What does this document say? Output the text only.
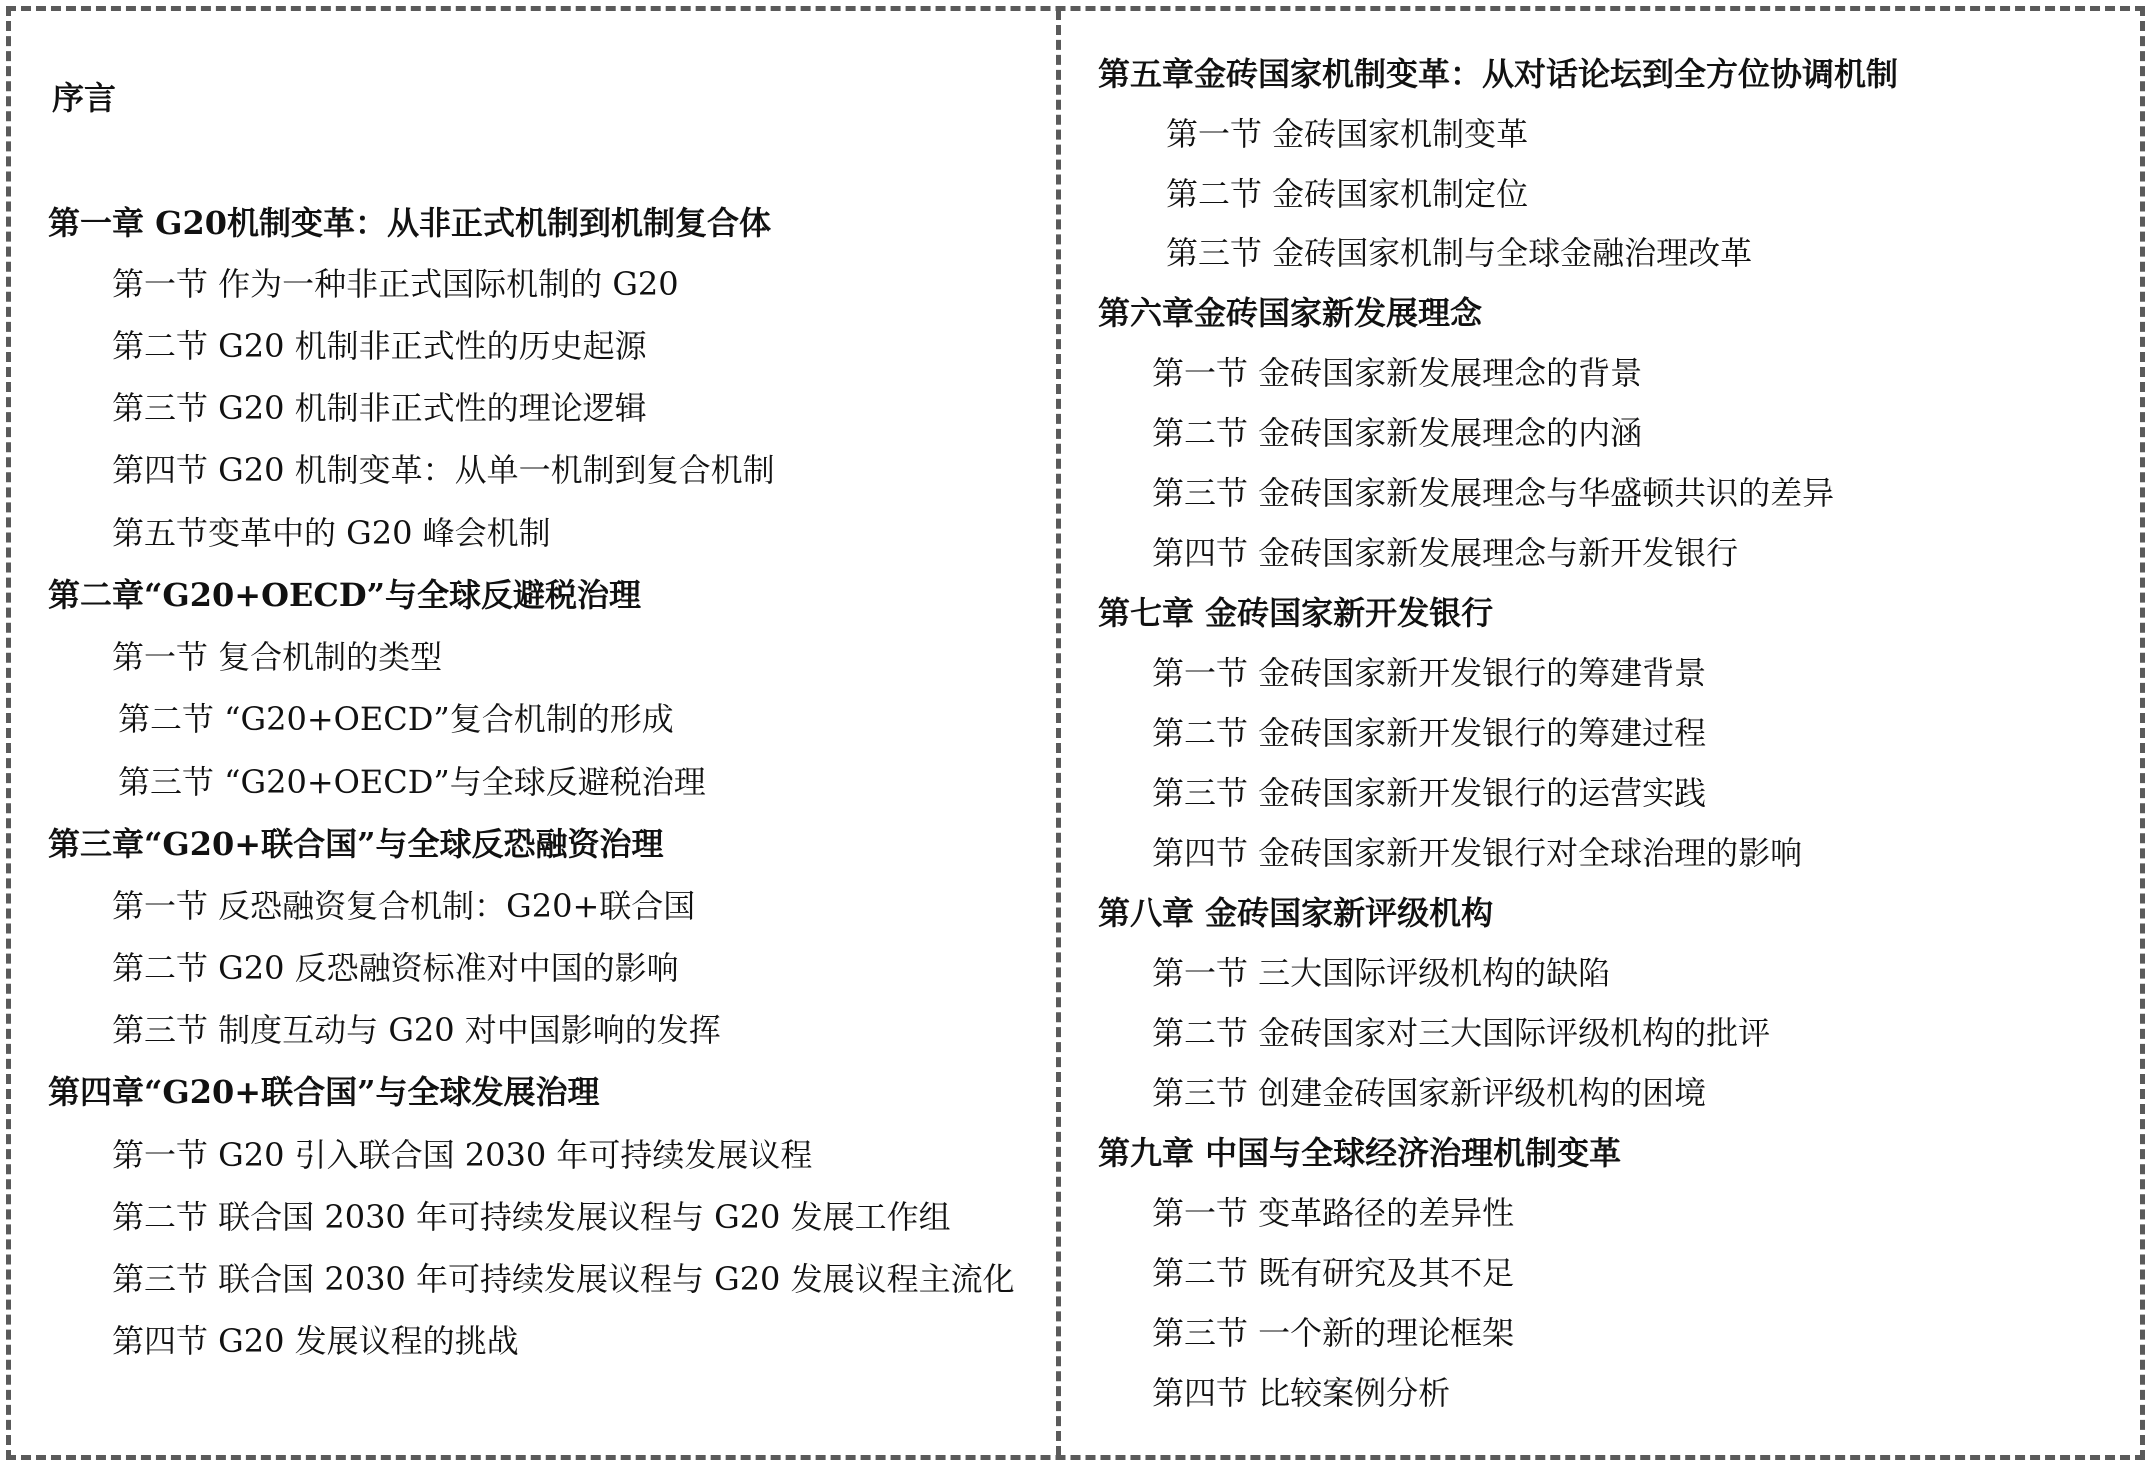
序言
第一章 G20机制变革：从非正式机制到机制复合体
第一节 作为一种非正式国际机制的 G20
第二节 G20 机制非正式性的历史起源
第三节 G20 机制非正式性的理论逻辑
第四节 G20 机制变革：从单一机制到复合机制
第五节变革中的 G20 峰会机制
第二章“G20+OECD”与全球反避税治理
第一节 复合机制的类型
第二节 “G20+OECD”复合机制的形成
第三节 “G20+OECD”与全球反避税治理
第三章“G20+联合国”与全球反恐融资治理
第一节 反恐融资复合机制：G20+联合国
第二节 G20 反恐融资标准对中国的影响
第三节 制度互动与 G20 对中国影响的发挥
第四章“G20+联合国”与全球发展治理
第一节 G20 引入联合国 2030 年可持续发展议程
第二节 联合国 2030 年可持续发展议程与 G20 发展工作组
第三节 联合国 2030 年可持续发展议程与 G20 发展议程主流化
第四节 G20 发展议程的挑战
第五章金砖国家机制变革：从对话论坛到全方位协调机制
第一节 金砖国家机制变革
第二节 金砖国家机制定位
第三节 金砖国家机制与全球金融治理改革
第六章金砖国家新发展理念
第一节 金砖国家新发展理念的背景
第二节 金砖国家新发展理念的内涵
第三节 金砖国家新发展理念与华盛顿共识的差异
第四节 金砖国家新发展理念与新开发银行
第七章 金砖国家新开发银行
第一节 金砖国家新开发银行的筹建背景
第二节 金砖国家新开发银行的筹建过程
第三节 金砖国家新开发银行的运营实践
第四节 金砖国家新开发银行对全球治理的影响
第八章 金砖国家新评级机构
第一节 三大国际评级机构的缺陷
第二节 金砖国家对三大国际评级机构的批评
第三节 创建金砖国家新评级机构的困境
第九章 中国与全球经济治理机制变革
第一节 变革路径的差异性
第二节 既有研究及其不足
第三节 一个新的理论框架
第四节 比较案例分析
